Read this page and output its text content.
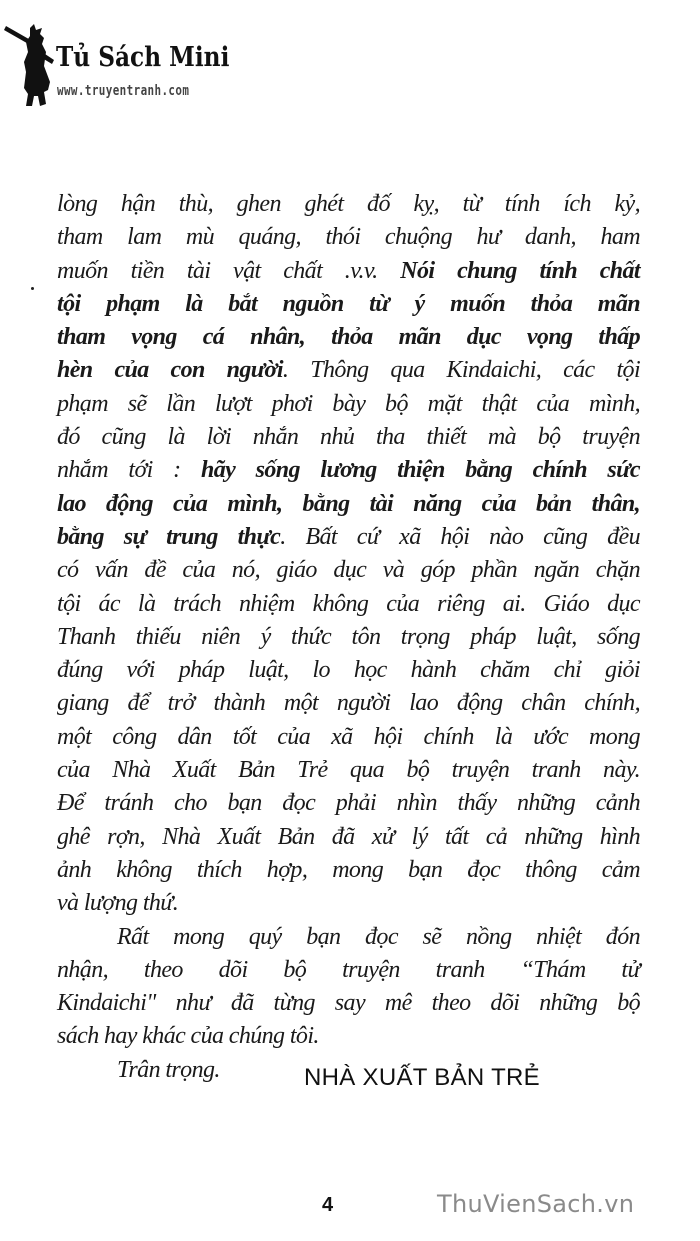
Tủ Sách Mini
www.truyentranh.com
lòng hận thù, ghen ghét đố kỵ, từ tính ích kỷ,
tham lam mù quáng, thói chuộng hư danh, ham
muốn tiền tài vật chất .v.v. Nói chung tính chất
tội phạm là bắt nguồn từ ý muốn thỏa mãn
tham vọng cá nhân, thỏa mãn dục vọng thấp
hèn của con người. Thông qua Kindaichi, các tội
phạm sẽ lần lượt phơi bày bộ mặt thật của mình,
đó cũng là lời nhắn nhủ tha thiết mà bộ truyện
nhắm tới : hãy sống lương thiện bằng chính sức
lao động của mình, bằng tài năng của bản thân,
bằng sự trung thực. Bất cứ xã hội nào cũng đều
có vấn đề của nó, giáo dục và góp phần ngăn chặn
tội ác là trách nhiệm không của riêng ai. Giáo dục
Thanh thiếu niên ý thức tôn trọng pháp luật, sống
đúng với pháp luật, lo học hành chăm chỉ giỏi
giang để trở thành một người lao động chân chính,
một công dân tốt của xã hội chính là ước mong
của Nhà Xuất Bản Trẻ qua bộ truyện tranh này.
Để tránh cho bạn đọc phải nhìn thấy những cảnh
ghê rợn, Nhà Xuất Bản đã xử lý tất cả những hình
ảnh không thích hợp, mong bạn đọc thông cảm
và lượng thứ.
Rất mong quý bạn đọc sẽ nồng nhiệt đón
nhận, theo dõi bộ truyện tranh “Thám tử
Kindaichi" như đã từng say mê theo dõi những bộ
sách hay khác của chúng tôi.
Trân trọng.	NHÀ XUẤT BẢN TRẺ
4	ThuVienSach.vn
